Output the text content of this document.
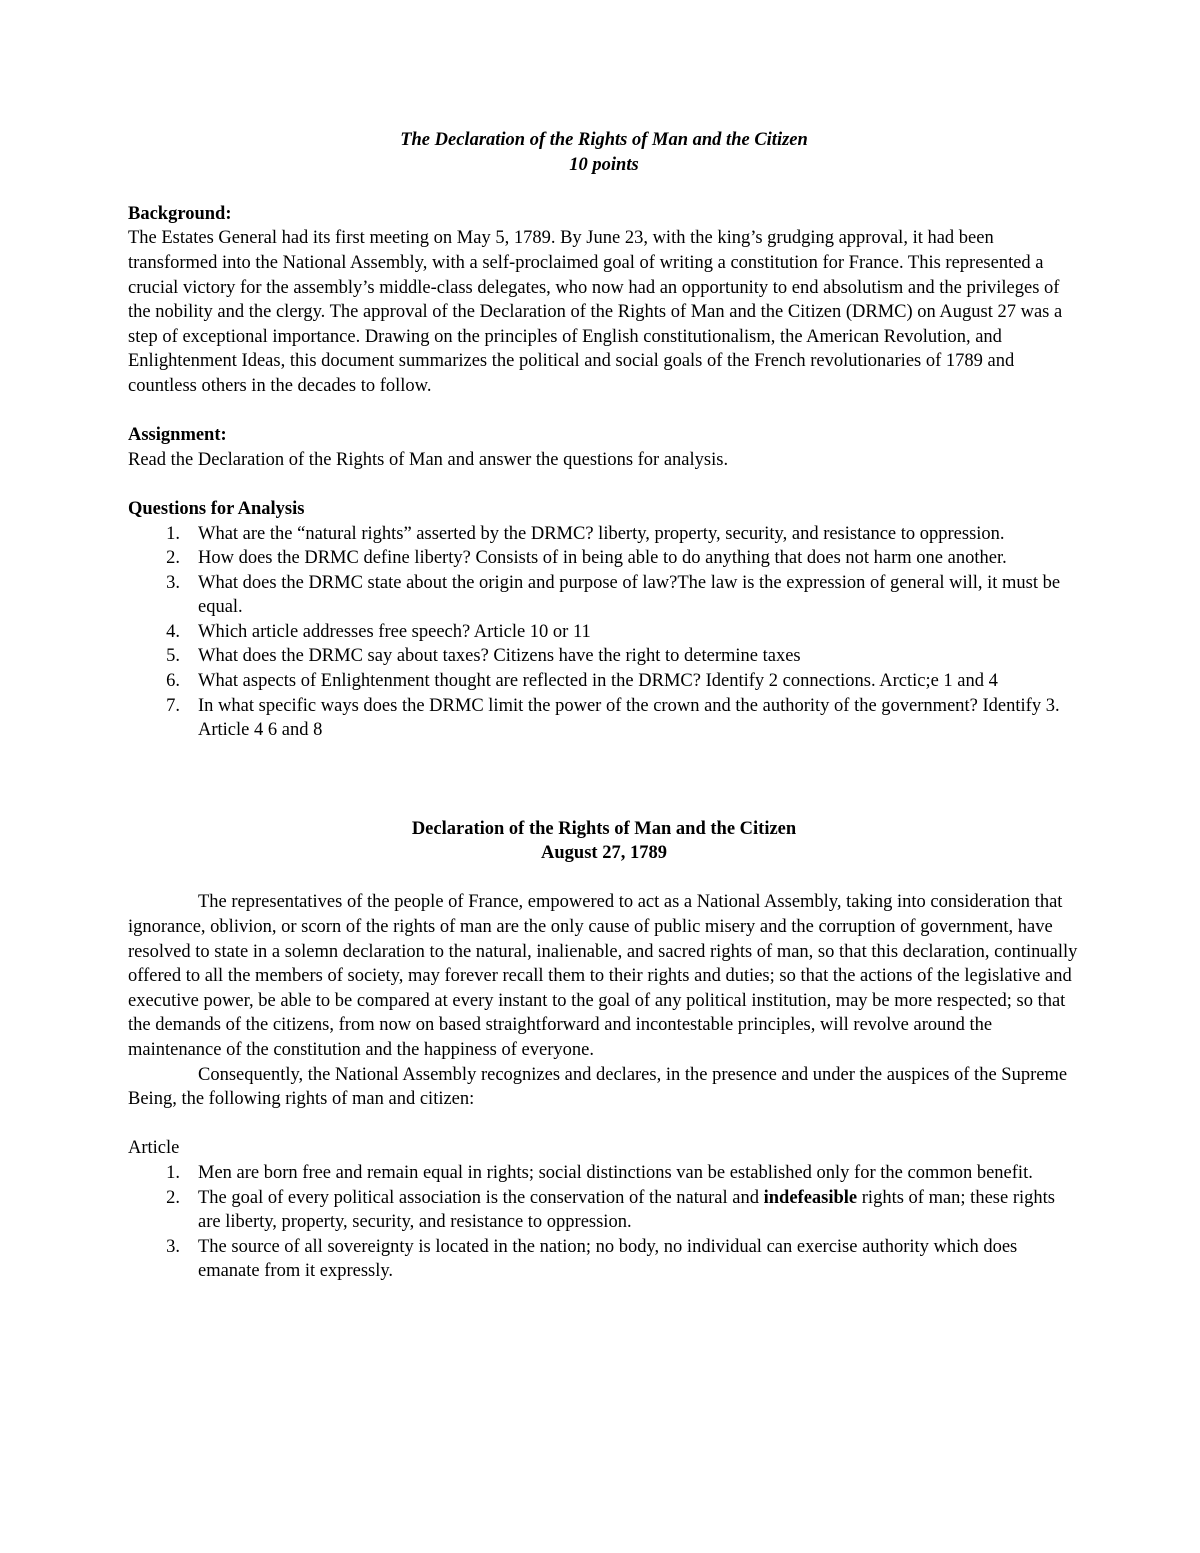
The Declaration of the Rights of Man and the Citizen
10 points
Background:

The Estates General had its first meeting on May 5, 1789. By June 23, with the king’s grudging approval, it had been transformed into the National Assembly, with a self-proclaimed goal of writing a constitution for France. This represented a crucial victory for the assembly’s middle-class delegates, who now had an opportunity to end absolutism and the privileges of the nobility and the clergy. The approval of the Declaration of the Rights of Man and the Citizen (DRMC) on August 27 was a step of exceptional importance. Drawing on the principles of English constitutionalism, the American Revolution, and Enlightenment Ideas, this document summarizes the political and social goals of the French revolutionaries of 1789 and countless others in the decades to follow.

Assignment:

Read the Declaration of the Rights of Man and answer the questions for analysis.

Questions for Analysis
1. What are the “natural rights” asserted by the DRMC? liberty, property, security, and resistance to oppression.
2. How does the DRMC define liberty? Consists of in being able to do anything that does not harm one another.
3. What does the DRMC state about the origin and purpose of law?The law is the expression of general will, it must be equal.
4. Which article addresses free speech? Article 10 or 11
5. What does the DRMC say about taxes? Citizens have the right to determine taxes
6. What aspects of Enlightenment thought are reflected in the DRMC? Identify 2 connections. Arctic;e 1 and 4
7. In what specific ways does the DRMC limit the power of the crown and the authority of the government? Identify 3. Article 4 6 and 8
Declaration of the Rights of Man and the Citizen
August 27, 1789

The representatives of the people of France, empowered to act as a National Assembly, taking into consideration that ignorance, oblivion, or scorn of the rights of man are the only cause of public misery and the corruption of government, have resolved to state in a solemn declaration to the natural, inalienable, and sacred rights of man, so that this declaration, continually offered to all the members of society, may forever recall them to their rights and duties; so that the actions of the legislative and executive power, be able to be compared at every instant to the goal of any political institution, may be more respected; so that the demands of the citizens, from now on based straightforward and incontestable principles, will revolve around the maintenance of the constitution and the happiness of everyone.

Consequently, the National Assembly recognizes and declares, in the presence and under the auspices of the Supreme Being, the following rights of man and citizen:

Article
1. Men are born free and remain equal in rights; social distinctions van be established only for the common benefit.
2. The goal of every political association is the conservation of the natural and indefeasible rights of man; these rights are liberty, property, security, and resistance to oppression.
3. The source of all sovereignty is located in the nation; no body, no individual can exercise authority which does emanate from it expressly.
